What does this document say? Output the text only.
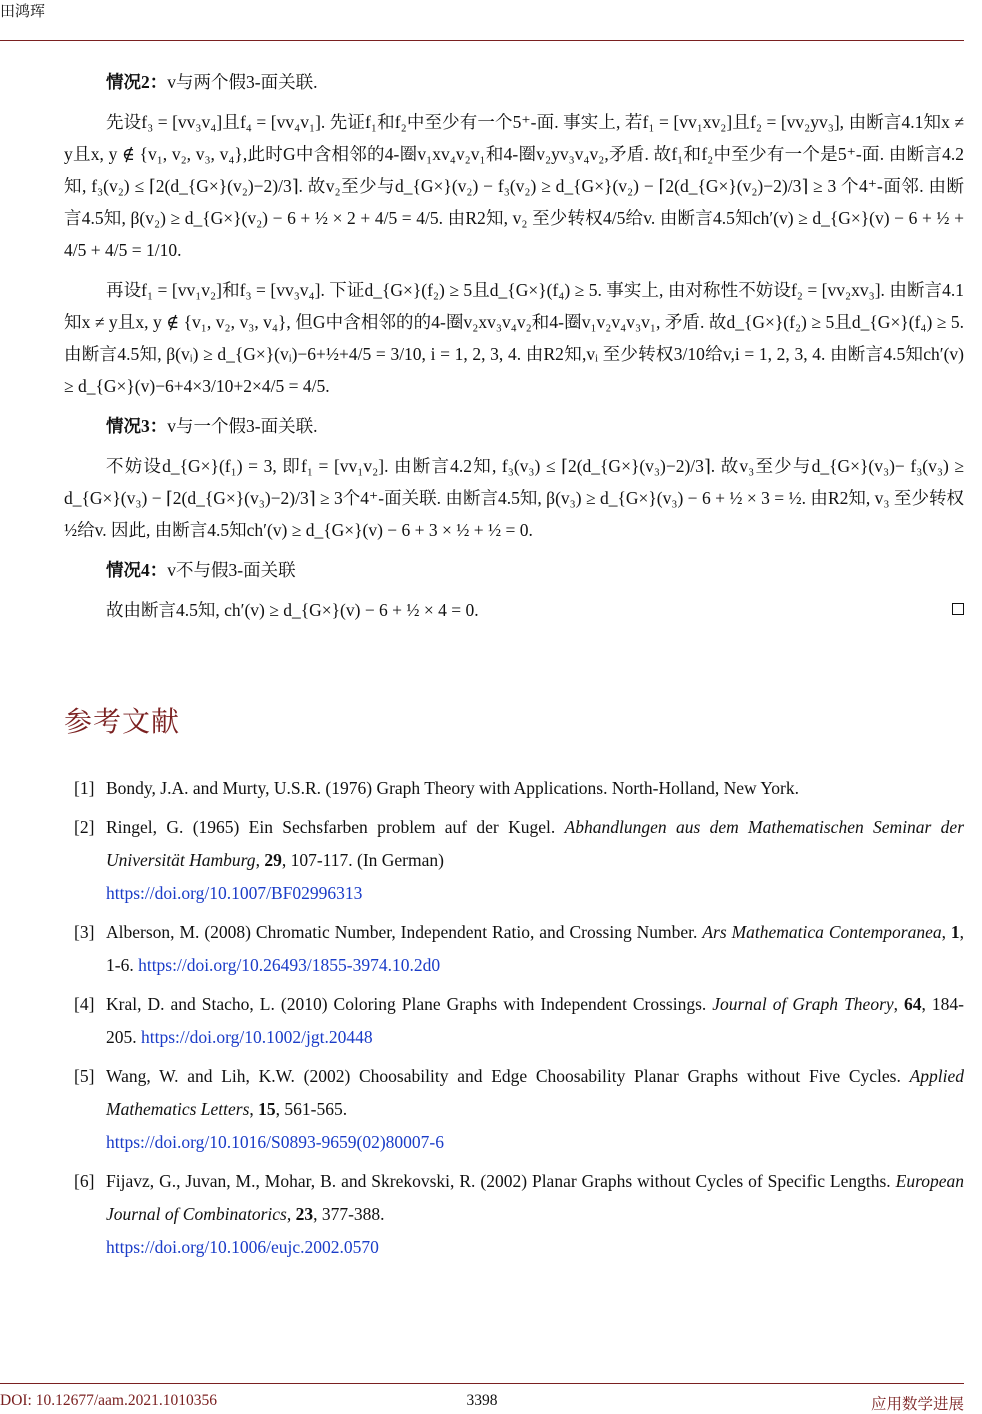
田鸿珲
情况2：v与两个假3-面关联.

先设f₃ = [vv₃v₄]且f₄ = [vv₄v₁]. 先证f₁和f₂中至少有一个5⁺-面. 事实上, 若f₁ = [vv₁xv₂]且f₂ = [vv₂yv₃], 由断言4.1知x ≠ y且x, y ∉ {v₁, v₂, v₃, v₄},此时G中含相邻的4-圈v₁xv₄v₂v₁和4-圈v₂yv₃v₄v₂,矛盾. 故f₁和f₂中至少有一个是5⁺-面. 由断言4.2知, f₃(v₂) ≤ ⌈2(d_{G×}(v₂)−2)/3⌉. 故v₂至少与d_{G×}(v₂) − f₃(v₂) ≥ d_{G×}(v₂) − ⌈2(d_{G×}(v₂)−2)/3⌉ ≥ 3 个4⁺-面邻. 由断言4.5知, β(v₂) ≥ d_{G×}(v₂) − 6 + ½ × 2 + 4/5 = 4/5. 由R2知, v₂ 至少转权4/5给v. 由断言4.5知ch′(v) ≥ d_{G×}(v) − 6 + ½ + 4/5 + 4/5 = 1/10.

再设f₁ = [vv₁v₂]和f₃ = [vv₃v₄]. 下证d_{G×}(f₂) ≥ 5且d_{G×}(f₄) ≥ 5. 事实上, 由对称性不妨设f₂ = [vv₂xv₃]. 由断言4.1知x ≠ y且x, y ∉ {v₁, v₂, v₃, v₄}, 但G中含相邻的的4-圈v₂xv₃v₄v₂和4-圈v₁v₂v₄v₃v₁, 矛盾. 故d_{G×}(f₂) ≥ 5且d_{G×}(f₄) ≥ 5. 由断言4.5知, β(vᵢ) ≥ d_{G×}(vᵢ)−6+½+4/5 = 3/10, i = 1, 2, 3, 4. 由R2知,vᵢ 至少转权3/10给v,i = 1, 2, 3, 4. 由断言4.5知ch′(v) ≥ d_{G×}(v)−6+4×3/10+2×4/5 = 4/5.

情况3：v与一个假3-面关联.

不妨设d_{G×}(f₁) = 3, 即f₁ = [vv₁v₂]. 由断言4.2知, f₃(v₃) ≤ ⌈2(d_{G×}(v₃)−2)/3⌉. 故v₃至少与d_{G×}(v₃)− f₃(v₃) ≥ d_{G×}(v₃) − ⌈2(d_{G×}(v₃)−2)/3⌉ ≥ 3个4⁺-面关联. 由断言4.5知, β(v₃) ≥ d_{G×}(v₃) − 6 + ½ × 3 = ½. 由R2知, v₃ 至少转权½给v. 因此, 由断言4.5知ch′(v) ≥ d_{G×}(v) − 6 + 3 × ½ + ½ = 0.

情况4：v不与假3-面关联

故由断言4.5知, ch′(v) ≥ d_{G×}(v) − 6 + ½ × 4 = 0.

参考文献
[1] Bondy, J.A. and Murty, U.S.R. (1976) Graph Theory with Applications. North-Holland, New York.
[2] Ringel, G. (1965) Ein Sechsfarben problem auf der Kugel. Abhandlungen aus dem Mathematischen Seminar der Universität Hamburg, 29, 107-117. (In German)
https://doi.org/10.1007/BF02996313
[3] Alberson, M. (2008) Chromatic Number, Independent Ratio, and Crossing Number. Ars Mathematica Contemporanea, 1, 1-6. https://doi.org/10.26493/1855-3974.10.2d0
[4] Kral, D. and Stacho, L. (2010) Coloring Plane Graphs with Independent Crossings. Journal of Graph Theory, 64, 184-205. https://doi.org/10.1002/jgt.20448
[5] Wang, W. and Lih, K.W. (2002) Choosability and Edge Choosability Planar Graphs without Five Cycles. Applied Mathematics Letters, 15, 561-565.
https://doi.org/10.1016/S0893-9659(02)80007-6
[6] Fijavz, G., Juvan, M., Mohar, B. and Skrekovski, R. (2002) Planar Graphs without Cycles of Specific Lengths. European Journal of Combinatorics, 23, 377-388.
https://doi.org/10.1006/eujc.2002.0570
DOI: 10.12677/aam.2021.1010356	3398	应用数学进展
